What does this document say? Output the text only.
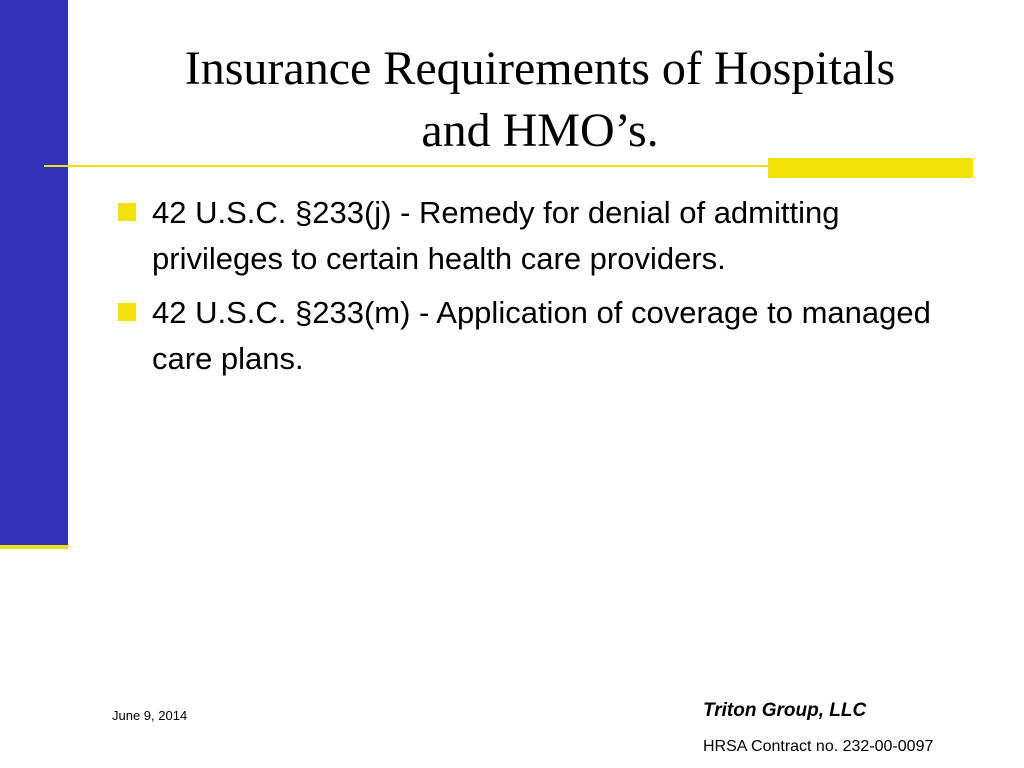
Insurance Requirements of Hospitals
and HMO’s.
42 U.S.C. §233(j) - Remedy for denial of admitting privileges to certain health care providers.
42 U.S.C. §233(m) - Application of coverage to managed care plans.
June 9, 2014	Triton Group, LLC
HRSA Contract no. 232-00-0097
